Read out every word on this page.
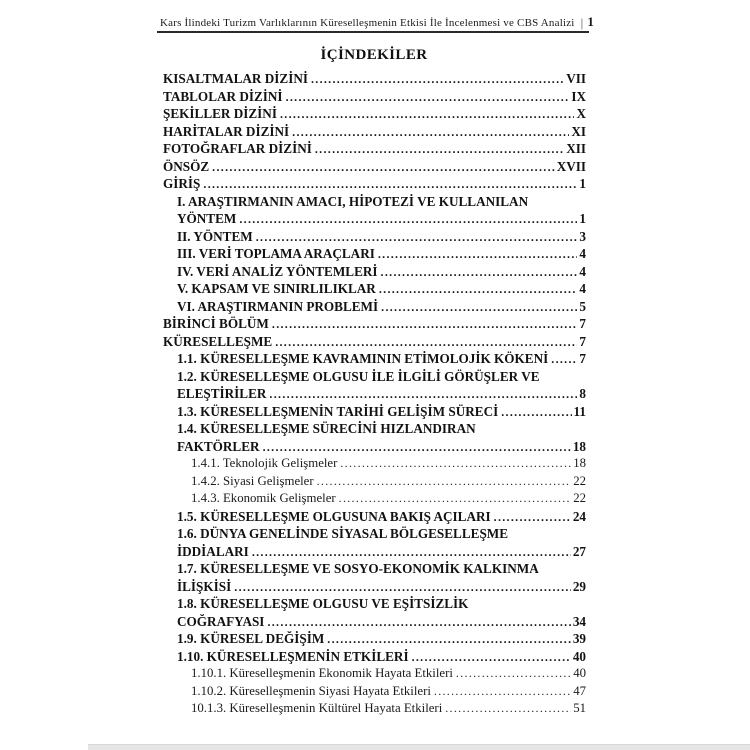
Kars İlindeki Turizm Varlıklarının Küreselleşmenin Etkisi İle İncelenmesi ve CBS Analizi | 1
İÇİNDEKİLER
KISALTMALAR DİZİNİ .....	VII
TABLOLAR DİZİNİ .....	IX
ŞEKİLLER DİZİNİ .....	X
HARİTALAR DİZİNİ .....	XI
FOTOĞRAFLAR DİZİNİ .....	XII
ÖNSÖZ .....	XVII
GİRİŞ .....	1
I. ARAŞTIRMANIN AMACI, HİPOTEZİ VE KULLANILAN
YÖNTEM .....	1
II. YÖNTEM .....	3
III. VERİ TOPLAMA ARAÇLARI .....	4
IV. VERİ ANALİZ YÖNTEMLERİ .....	4
V. KAPSAM VE SINIRLILIKLAR .....	4
VI. ARAŞTIRMANIN PROBLEMİ .....	5
BİRİNCİ BÖLÜM .....	7
KÜRESELLEŞME .....	7
1.1. KÜRESELLEŞME KAVRAMININ ETİMOLOJİK KÖKENİ ..... 7
1.2. KÜRESELLEŞME OLGUSU İLE İLGİLİ GÖRÜŞLER VE
ELEŞTİRİLER .....	8
1.3. KÜRESELLEŞMENİN TARİHİ GELİŞİM SÜRECİ .....	11
1.4. KÜRESELLEŞME SÜRECİNİ HIZLANDIRAN
FAKTÖRLER .....	18
1.4.1. Teknolojik Gelişmeler .....	18
1.4.2. Siyasi Gelişmeler .....	22
1.4.3. Ekonomik Gelişmeler .....	22
1.5. KÜRESELLEŞME OLGUSUNA BAKIŞ AÇILARI .....	24
1.6. DÜNYA GENELİNDE SİYASAL BÖLGESELLEŞME
İDDİALARI .....	27
1.7. KÜRESELLEŞME VE SOSYO-EKONOMİK KALKINMA
İLİŞKİSİ .....	29
1.8. KÜRESELLEŞME OLGUSU VE EŞİTSİZLİK
COĞRAFYASI .....	34
1.9. KÜRESEL DEĞİŞİM .....	39
1.10. KÜRESELLEŞMENİN ETKİLERİ .....	40
1.10.1. Küreselleşmenin Ekonomik Hayata Etkileri .....	40
1.10.2. Küreselleşmenin Siyasi Hayata Etkileri .....	47
10.1.3. Küreselleşmenin Kültürel Hayata Etkileri .....	51
